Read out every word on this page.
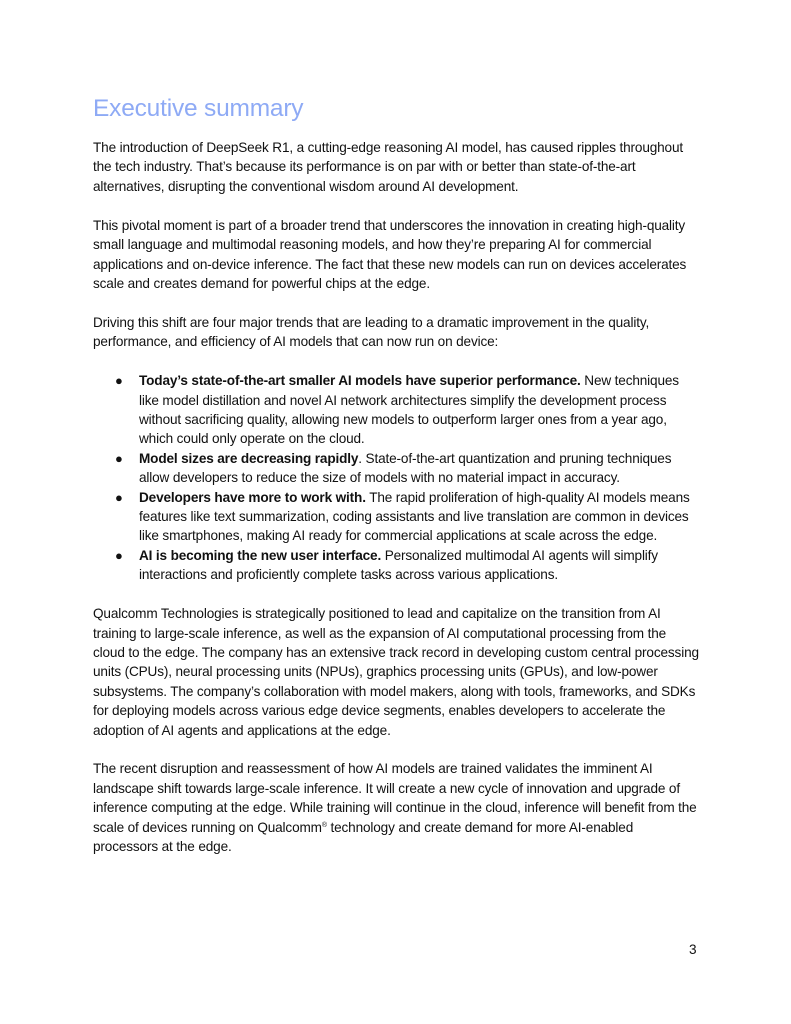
Executive summary

The introduction of DeepSeek R1, a cutting-edge reasoning AI model, has caused ripples throughout the tech industry. That’s because its performance is on par with or better than state-of-the-art alternatives, disrupting the conventional wisdom around AI development.

This pivotal moment is part of a broader trend that underscores the innovation in creating high-quality small language and multimodal reasoning models, and how they’re preparing AI for commercial applications and on-device inference. The fact that these new models can run on devices accelerates scale and creates demand for powerful chips at the edge.

Driving this shift are four major trends that are leading to a dramatic improvement in the quality, performance, and efficiency of AI models that can now run on device:

● Today’s state-of-the-art smaller AI models have superior performance. New techniques like model distillation and novel AI network architectures simplify the development process without sacrificing quality, allowing new models to outperform larger ones from a year ago, which could only operate on the cloud.
● Model sizes are decreasing rapidly. State-of-the-art quantization and pruning techniques allow developers to reduce the size of models with no material impact in accuracy.
● Developers have more to work with. The rapid proliferation of high-quality AI models means features like text summarization, coding assistants and live translation are common in devices like smartphones, making AI ready for commercial applications at scale across the edge.
● AI is becoming the new user interface. Personalized multimodal AI agents will simplify interactions and proficiently complete tasks across various applications.

Qualcomm Technologies is strategically positioned to lead and capitalize on the transition from AI training to large-scale inference, as well as the expansion of AI computational processing from the cloud to the edge. The company has an extensive track record in developing custom central processing units (CPUs), neural processing units (NPUs), graphics processing units (GPUs), and low-power subsystems. The company’s collaboration with model makers, along with tools, frameworks, and SDKs for deploying models across various edge device segments, enables developers to accelerate the adoption of AI agents and applications at the edge.

The recent disruption and reassessment of how AI models are trained validates the imminent AI landscape shift towards large-scale inference. It will create a new cycle of innovation and upgrade of inference computing at the edge. While training will continue in the cloud, inference will benefit from the scale of devices running on Qualcomm® technology and create demand for more AI-enabled processors at the edge.

3
